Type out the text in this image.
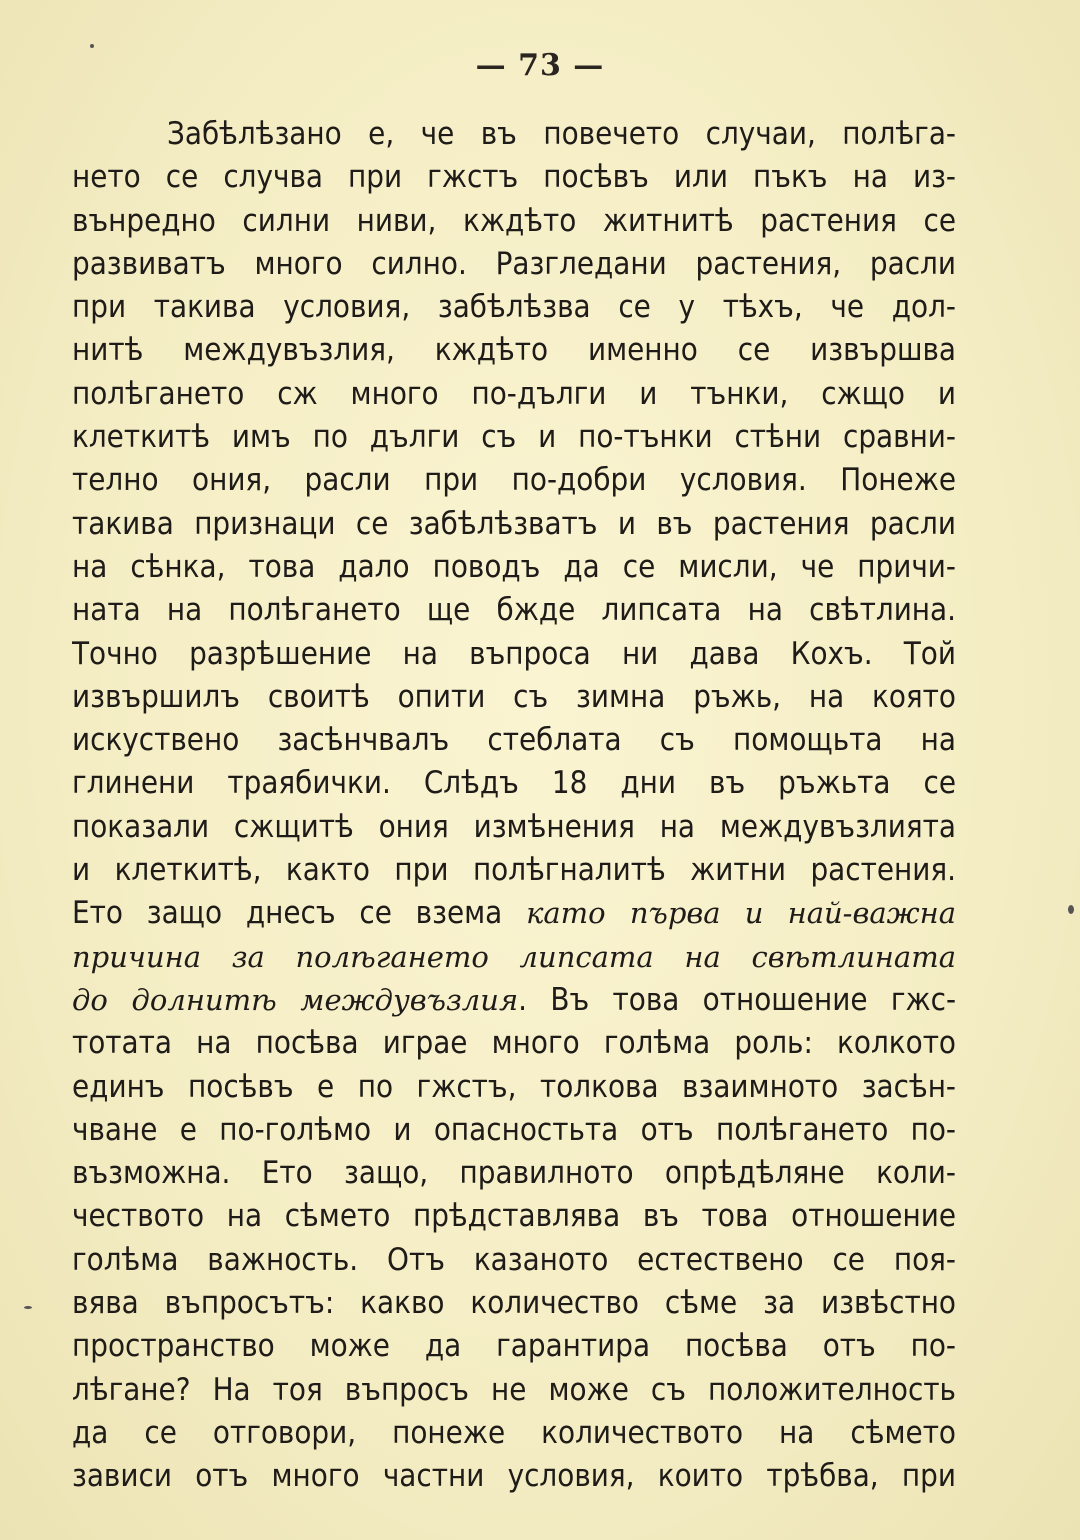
— 73 —
Забѣлѣзано е, че въ повечето случаи, полѣга-
нето се случва при гжстъ посѣвъ или пъкъ на из-
вънредно силни ниви, кждѣто житнитѣ растения се
развиватъ много силно. Разгледани растения, расли
при такива условия, забѣлѣзва се у тѣхъ, че дол-
нитѣ междувъзлия, кждѣто именно се извършва
полѣгането сж много по-дълги и тънки, сжщо и
клеткитѣ имъ по дълги съ и по-тънки стѣни сравни-
телно ония, расли при по-добри условия. Понеже
такива признаци се забѣлѣзватъ и въ растения расли
на сѣнка, това дало поводъ да се мисли, че причи-
ната на полѣгането ще бжде липсата на свѣтлина.
Точно разрѣшение на въпроса ни дава Кохъ. Той
извършилъ своитѣ опити съ зимна ръжь, на която
искуствено засѣнчвалъ стеблата съ помощьта на
глинени траябички. Слѣдъ 18 дни въ ръжьта се
показали сжщитѣ ония измѣнения на междувъзлията
и клеткитѣ, както при полѣгналитѣ житни растения.
Ето защо днесъ се взема като първа и най-важна
причина за полѣгането липсата на свѣтлината
до долнитѣ междувъзлия. Въ това отношение гжс-
тотата на посѣва играе много голѣма роль: колкото
единъ посѣвъ е по гжстъ, толкова взаимното засѣн-
чване е по-голѣмо и опасностьта отъ полѣгането по-
възможна. Ето защо, правилното опрѣдѣляне коли-
чеството на сѣмето прѣдставлява въ това отношение
голѣма важность. Отъ казаното естествено се поя-
вява въпросътъ: какво количество сѣме за извѣстно
пространство може да гарантира посѣва отъ по-
лѣгане? На тоя въпросъ не може съ положителность
да се отговори, понеже количеството на сѣмето
зависи отъ много частни условия, които трѣбва, при
